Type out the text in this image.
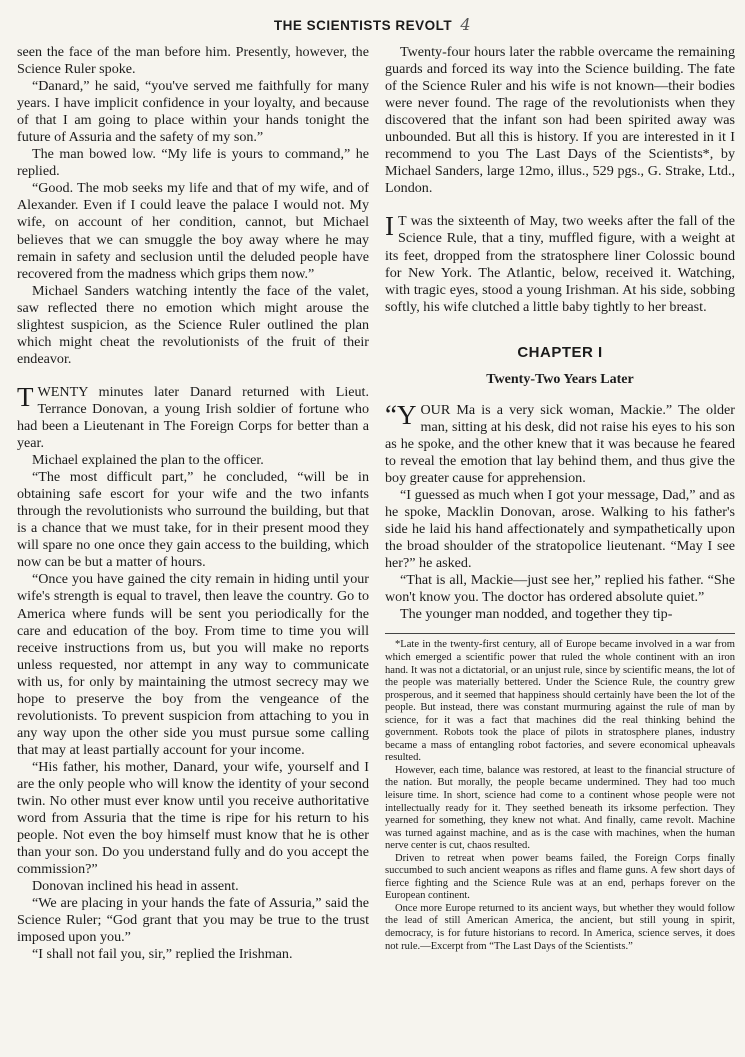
THE SCIENTISTS REVOLT 4

seen the face of the man before him. Presently, however, the Science Ruler spoke.

“Danard,” he said, “you've served me faithfully for many years. I have implicit confidence in your loyalty, and because of that I am going to place within your hands tonight the future of Assuria and the safety of my son.”

The man bowed low. “My life is yours to command,” he replied.

“Good. The mob seeks my life and that of my wife, and of Alexander. Even if I could leave the palace I would not. My wife, on account of her condition, cannot, but Michael believes that we can smuggle the boy away where he may remain in safety and seclusion until the deluded people have recovered from the madness which grips them now.”

Michael Sanders watching intently the face of the valet, saw reflected there no emotion which might arouse the slightest suspicion, as the Science Ruler outlined the plan which might cheat the revolutionists of the fruit of their endeavor.

TWENTY minutes later Danard returned with Lieut. Terrance Donovan, a young Irish soldier of fortune who had been a Lieutenant in The Foreign Corps for better than a year.

Michael explained the plan to the officer.

“The most difficult part,” he concluded, “will be in obtaining safe escort for your wife and the two infants through the revolutionists who surround the building, but that is a chance that we must take, for in their present mood they will spare no one once they gain access to the building, which now can be but a matter of hours.

“Once you have gained the city remain in hiding until your wife's strength is equal to travel, then leave the country. Go to America where funds will be sent you periodically for the care and education of the boy. From time to time you will receive instructions from us, but you will make no reports unless requested, nor attempt in any way to communicate with us, for only by maintaining the utmost secrecy may we hope to preserve the boy from the vengeance of the revolutionists. To prevent suspicion from attaching to you in any way upon the other side you must pursue some calling that may at least partially account for your income.

“His father, his mother, Danard, your wife, yourself and I are the only people who will know the identity of your second twin. No other must ever know until you receive authoritative word from Assuria that the time is ripe for his return to his people. Not even the boy himself must know that he is other than your son. Do you understand fully and do you accept the commission?”

Donovan inclined his head in assent.

“We are placing in your hands the fate of Assuria,” said the Science Ruler; “God grant that you may be true to the trust imposed upon you.”

“I shall not fail you, sir,” replied the Irishman.

Twenty-four hours later the rabble overcame the remaining guards and forced its way into the Science building. The fate of the Science Ruler and his wife is not known—their bodies were never found. The rage of the revolutionists when they discovered that the infant son had been spirited away was unbounded. But all this is history. If you are interested in it I recommend to you The Last Days of the Scientists*, by Michael Sanders, large 12mo, illus., 529 pgs., G. Strake, Ltd., London.

I T was the sixteenth of May, two weeks after the fall of the Science Rule, that a tiny, muffled figure, with a weight at its feet, dropped from the stratosphere liner Colossic bound for New York. The Atlantic, below, received it. Watching, with tragic eyes, stood a young Irishman. At his side, sobbing softly, his wife clutched a little baby tightly to her breast.

CHAPTER I
Twenty-Two Years Later

“YOUR Ma is a very sick woman, Mackie.” The older man, sitting at his desk, did not raise his eyes to his son as he spoke, and the other knew that it was because he feared to reveal the emotion that lay behind them, and thus give the boy greater cause for apprehension.

“I guessed as much when I got your message, Dad,” and as he spoke, Macklin Donovan, arose. Walking to his father's side he laid his hand affectionately and sympathetically upon the broad shoulder of the stratopolice lieutenant. “May I see her?” he asked.

“That is all, Mackie—just see her,” replied his father. “She won't know you. The doctor has ordered absolute quiet.”

The younger man nodded, and together they tip-

*Late in the twenty-first century, all of Europe became involved in a war from which emerged a scientific power that ruled the whole continent with an iron hand. It was not a dictatorial, or an unjust rule, since by scientific means, the lot of the people was materially bettered. Under the Science Rule, the country grew prosperous, and it seemed that happiness should certainly have been the lot of the people. But instead, there was constant murmuring against the rule of man by science, for it was a fact that machines did the real thinking behind the government. Robots took the place of pilots in stratosphere planes, industry became a mass of entangling robot factories, and severe economical upheavals resulted.

However, each time, balance was restored, at least to the financial structure of the nation. But morally, the people became undermined. They had too much leisure time. In short, science had come to a continent whose people were not intellectually ready for it. They seethed beneath its irksome perfection. They yearned for something, they knew not what. And finally, came revolt. Machine was turned against machine, and as is the case with machines, when the human nerve center is cut, chaos resulted.

Driven to retreat when power beams failed, the Foreign Corps finally succumbed to such ancient weapons as rifles and flame guns. A few short days of fierce fighting and the Science Rule was at an end, perhaps forever on the European continent.

Once more Europe returned to its ancient ways, but whether they would follow the lead of still American America, the ancient, but still young in spirit, democracy, is for future historians to record. In America, science serves, it does not rule.—Excerpt from “The Last Days of the Scientists.”
